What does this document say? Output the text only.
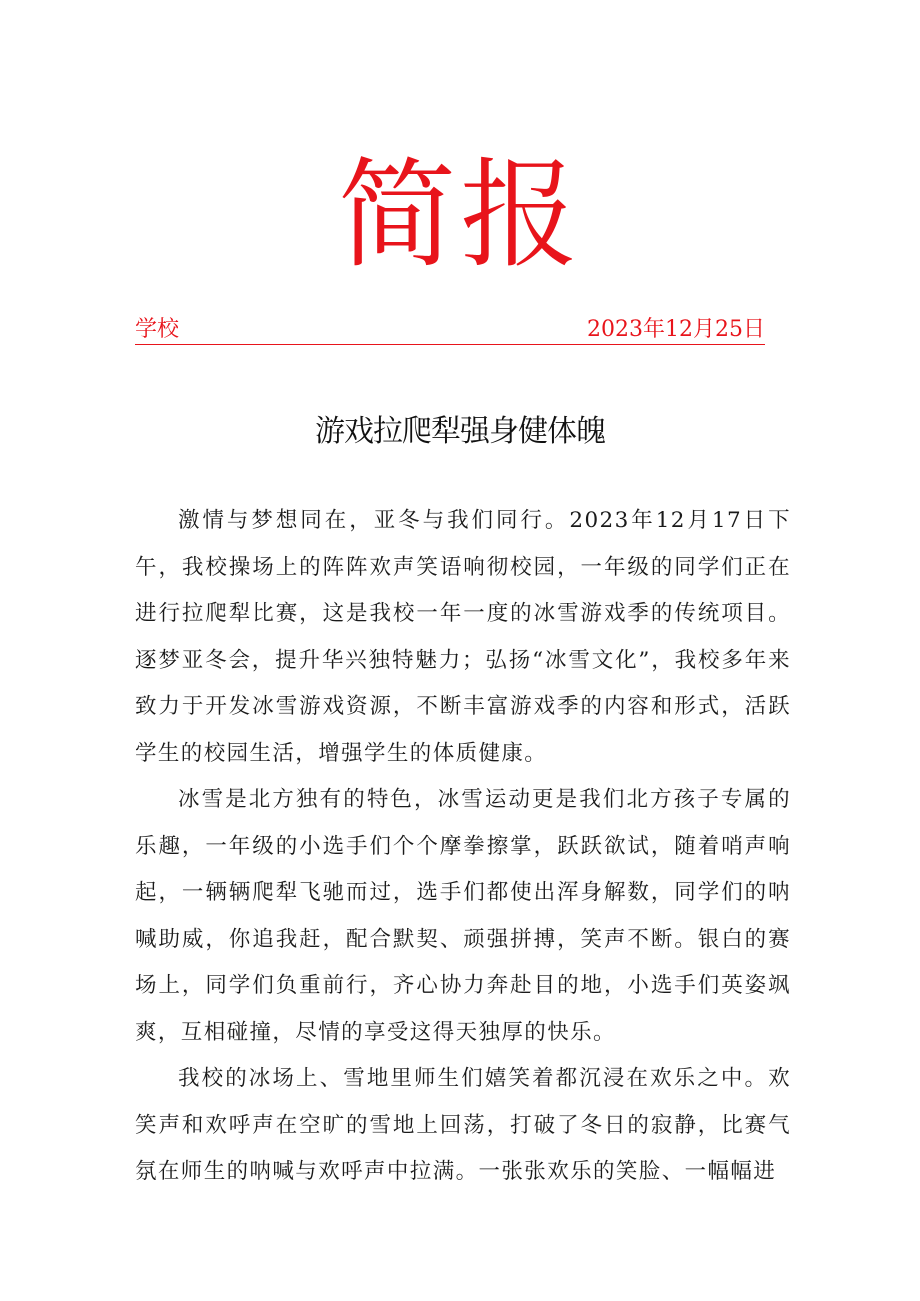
简报
学校	2023年12月25日
游戏拉爬犁强身健体魄

激情与梦想同在，亚冬与我们同行。2023年12月17日下午，我校操场上的阵阵欢声笑语响彻校园，一年级的同学们正在进行拉爬犁比赛，这是我校一年一度的冰雪游戏季的传统项目。逐梦亚冬会，提升华兴独特魅力；弘扬“冰雪文化”，我校多年来致力于开发冰雪游戏资源，不断丰富游戏季的内容和形式，活跃学生的校园生活，增强学生的体质健康。

冰雪是北方独有的特色，冰雪运动更是我们北方孩子专属的乐趣，一年级的小选手们个个摩拳擦掌，跃跃欲试，随着哨声响起，一辆辆爬犁飞驰而过，选手们都使出浑身解数，同学们的呐喊助威，你追我赶，配合默契、顽强拼搏，笑声不断。银白的赛场上，同学们负重前行，齐心协力奔赴目的地，小选手们英姿飒爽，互相碰撞，尽情的享受这得天独厚的快乐。

我校的冰场上、雪地里师生们嬉笑着都沉浸在欢乐之中。欢笑声和欢呼声在空旷的雪地上回荡，打破了冬日的寂静，比赛气氛在师生的呐喊与欢呼声中拉满。一张张欢乐的笑脸、一幅幅进
